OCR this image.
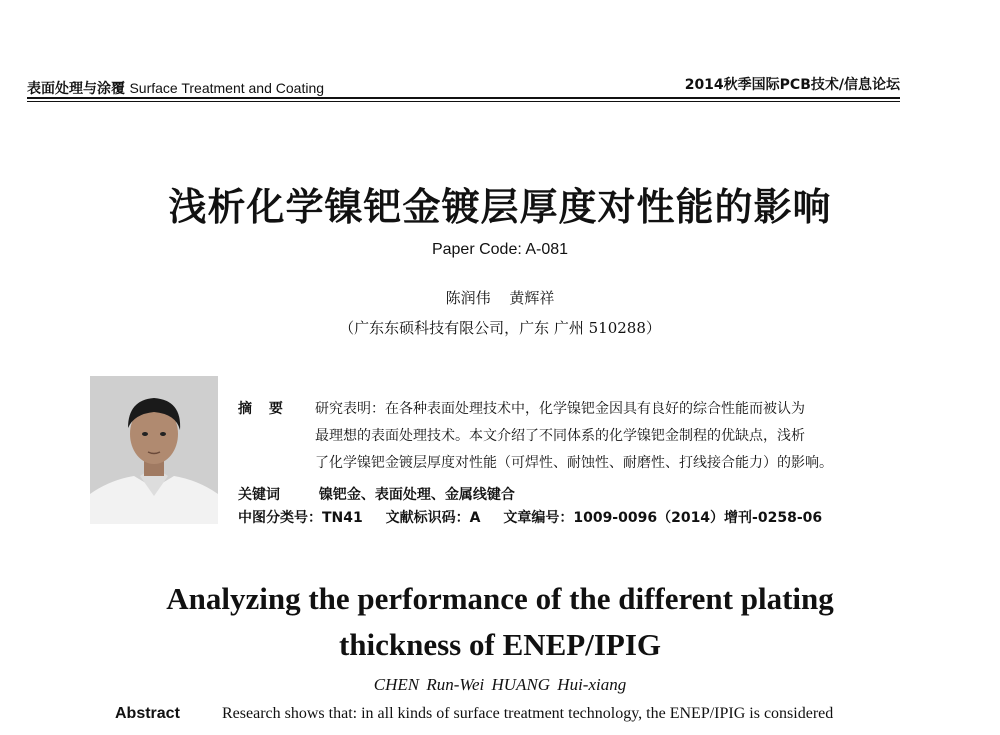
表面处理与涂覆 Surface Treatment and Coating	2014秋季国际PCB技术/信息论坛
浅析化学镍钯金镀层厚度对性能的影响
Paper Code: A-081
陈润伟 黄辉祥
（广东东硕科技有限公司，广东 广州 510288）
摘 要 研究表明：在各种表面处理技术中，化学镍钯金因具有良好的综合性能而被认为
最理想的表面处理技术。本文介绍了不同体系的化学镍钯金制程的优缺点，浅析
了化学镍钯金镀层厚度对性能（可焊性、耐蚀性、耐磨性、打线接合能力）的影响。
关键词	镍钯金、表面处理、金属线键合
中图分类号：TN41 文献标识码：A 文章编号：1009-0096（2014）增刊-0258-06
Analyzing the performance of the different plating
thickness of ENEP/IPIG
CHEN Run-Wei HUANG Hui-xiang
Abstract	Research shows that: in all kinds of surface treatment technology, the ENEP/IPIG is considered
